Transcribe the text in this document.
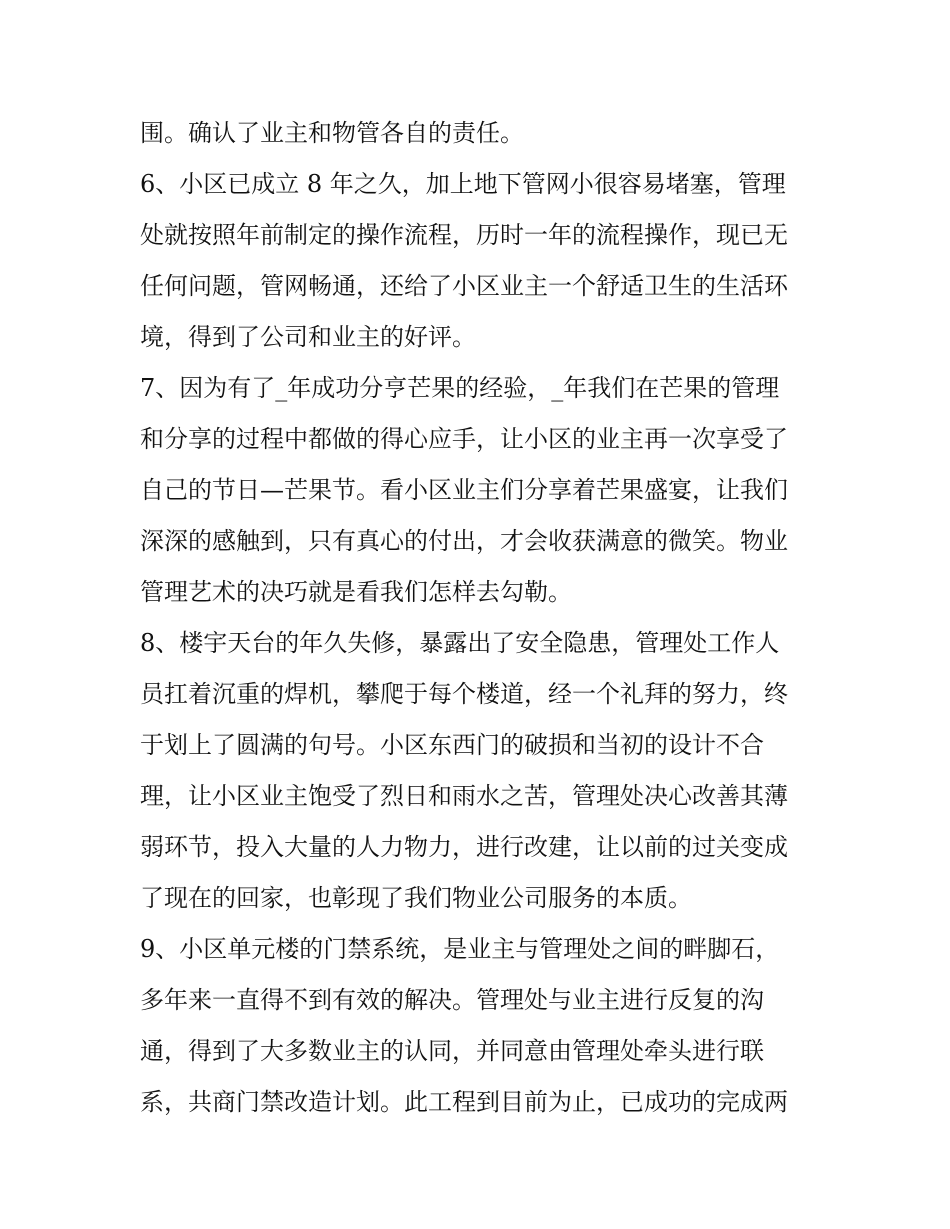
围。确认了业主和物管各自的责任。
6、小区已成立 8 年之久，加上地下管网小很容易堵塞，管理
处就按照年前制定的操作流程，历时一年的流程操作，现已无
任何问题，管网畅通，还给了小区业主一个舒适卫生的生活环
境，得到了公司和业主的好评。
7、因为有了_年成功分亨芒果的经验，_年我们在芒果的管理
和分享的过程中都做的得心应手，让小区的业主再一次享受了
自己的节日—芒果节。看小区业主们分享着芒果盛宴，让我们
深深的感触到，只有真心的付出，才会收获满意的微笑。物业
管理艺术的决巧就是看我们怎样去勾勒。
8、楼宇天台的年久失修，暴露出了安全隐患，管理处工作人
员扛着沉重的焊机，攀爬于每个楼道，经一个礼拜的努力，终
于划上了圆满的句号。小区东西门的破损和当初的设计不合
理，让小区业主饱受了烈日和雨水之苦，管理处决心改善其薄
弱环节，投入大量的人力物力，进行改建，让以前的过关变成
了现在的回家，也彰现了我们物业公司服务的本质。
9、小区单元楼的门禁系统，是业主与管理处之间的畔脚石，
多年来一直得不到有效的解决。管理处与业主进行反复的沟
通，得到了大多数业主的认同，并同意由管理处牵头进行联
系，共商门禁改造计划。此工程到目前为止，已成功的完成两
